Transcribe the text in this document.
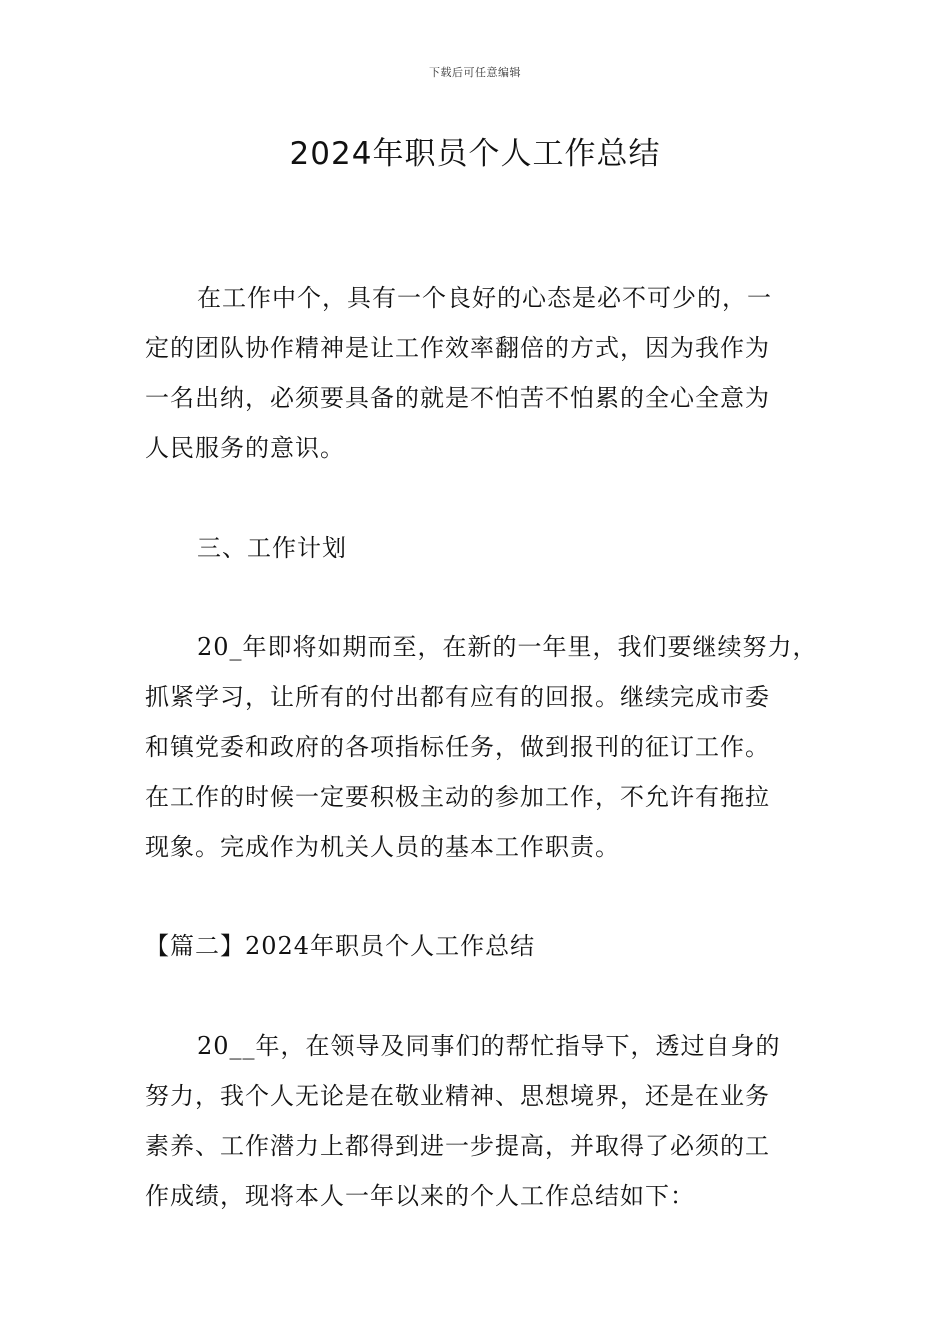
下载后可任意编辑
2024年职员个人工作总结
在工作中个，具有一个良好的心态是必不可少的，一
定的团队协作精神是让工作效率翻倍的方式，因为我作为
一名出纳，必须要具备的就是不怕苦不怕累的全心全意为
人民服务的意识。
三、工作计划
20_年即将如期而至，在新的一年里，我们要继续努力，
抓紧学习，让所有的付出都有应有的回报。继续完成市委
和镇党委和政府的各项指标任务，做到报刊的征订工作。
在工作的时候一定要积极主动的参加工作，不允许有拖拉
现象。完成作为机关人员的基本工作职责。
【篇二】2024年职员个人工作总结
20__年，在领导及同事们的帮忙指导下，透过自身的
努力，我个人无论是在敬业精神、思想境界，还是在业务
素养、工作潜力上都得到进一步提高，并取得了必须的工
作成绩，现将本人一年以来的个人工作总结如下：
